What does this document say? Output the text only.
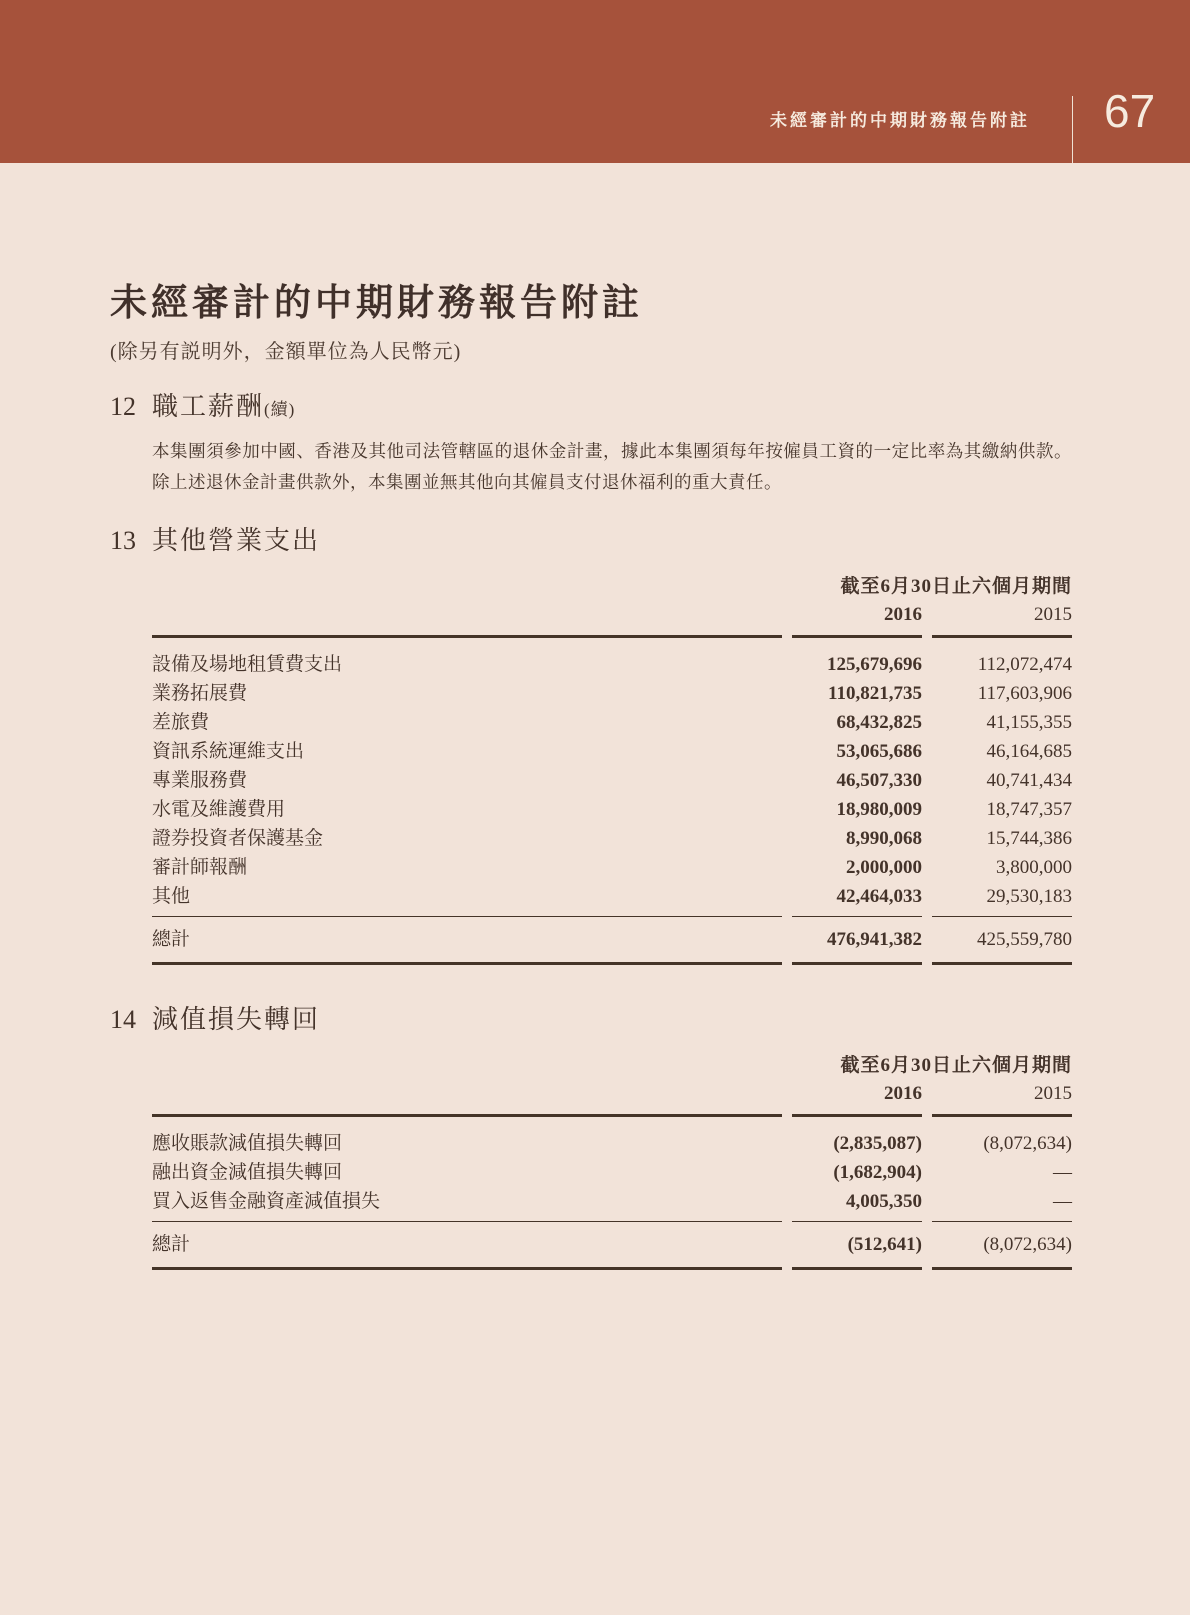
未經審計的中期財務報告附註 67
未經審計的中期財務報告附註
(除另有説明外，金額單位為人民幣元)
12 職工薪酬 (續)
本集團須參加中國、香港及其他司法管轄區的退休金計畫，據此本集團須每年按僱員工資的一定比率為其繳納供款。除上述退休金計畫供款外，本集團並無其他向其僱員支付退休福利的重大責任。
13 其他營業支出
截至6月30日止六個月期間
2016	2015
設備及場地租賃費支出	125,679,696	112,072,474
業務拓展費	110,821,735	117,603,906
差旅費	68,432,825	41,155,355
資訊系統運維支出	53,065,686	46,164,685
專業服務費	46,507,330	40,741,434
水電及維護費用	18,980,009	18,747,357
證券投資者保護基金	8,990,068	15,744,386
審計師報酬	2,000,000	3,800,000
其他	42,464,033	29,530,183
總計	476,941,382	425,559,780
14 減值損失轉回
截至6月30日止六個月期間
2016	2015
應收賬款減值損失轉回	(2,835,087)	(8,072,634)
融出資金減值損失轉回	(1,682,904)	—
買入返售金融資產減值損失	4,005,350	—
總計	(512,641)	(8,072,634)
